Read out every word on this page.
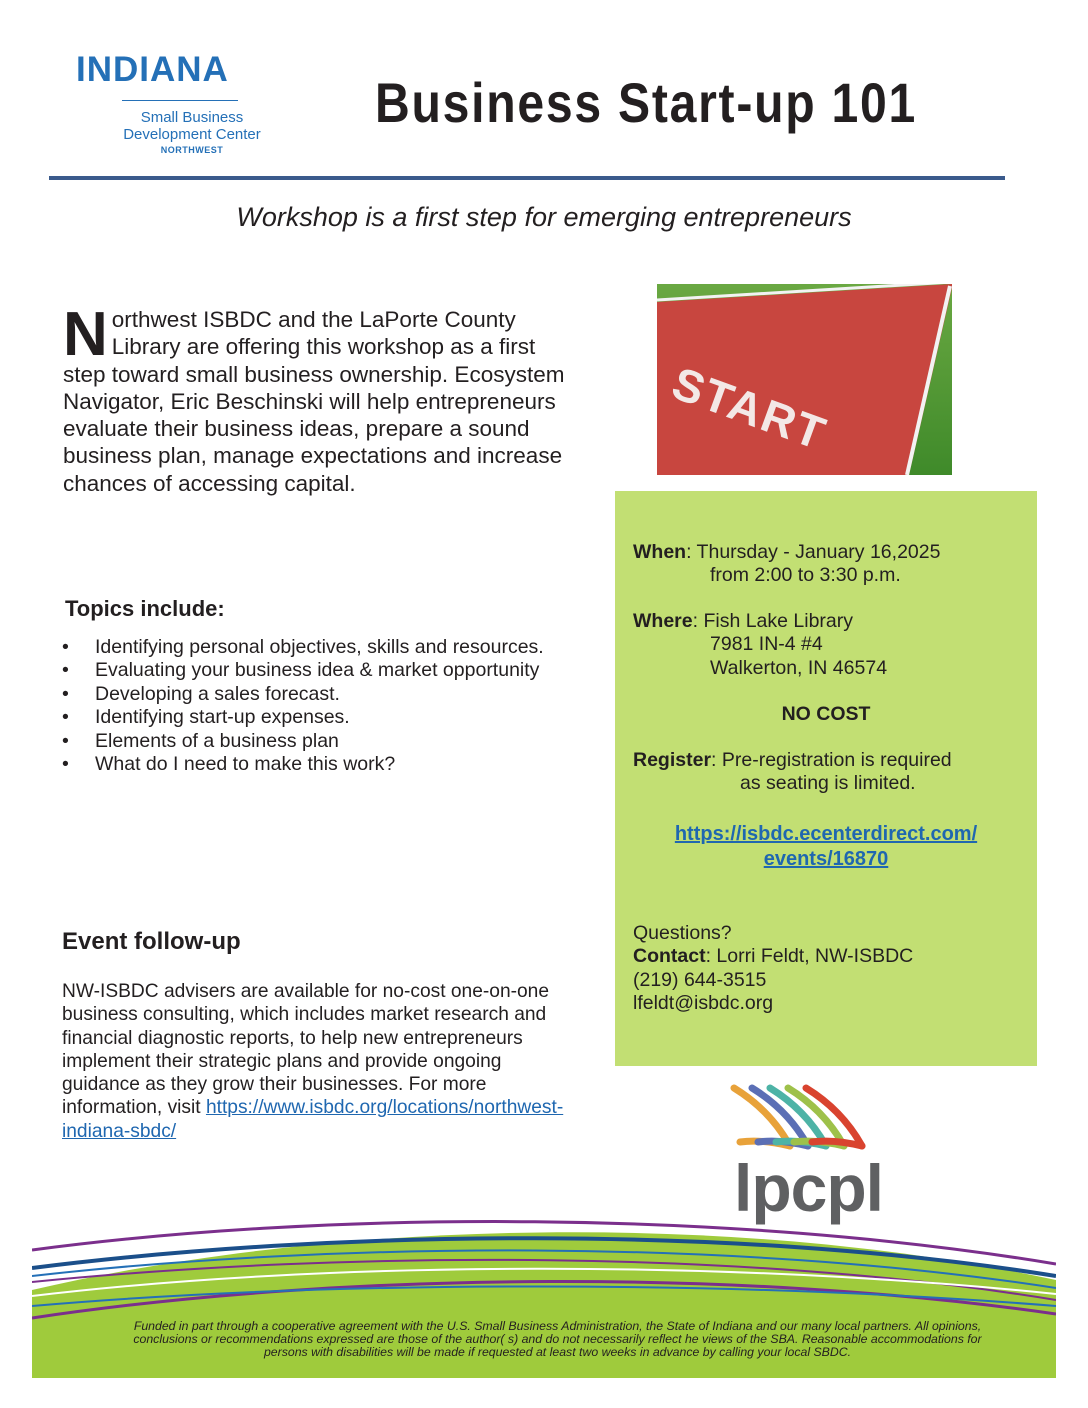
INDIANA
Small Business
Development Center
NORTHWEST
Business Start-up 101
Workshop is a first step for emerging entrepreneurs
N orthwest ISBDC and the LaPorte County Library are offering this workshop as a first step toward small business ownership. Ecosystem Navigator, Eric Beschinski will help entrepreneurs evaluate their business ideas, prepare a sound business plan, manage expectations and increase chances of accessing capital.
Topics include:
• Identifying personal objectives, skills and resources.
• Evaluating your business idea & market opportunity
• Developing a sales forecast.
• Identifying start-up expenses.
• Elements of a business plan
• What do I need to make this work?
Event follow-up
NW-ISBDC advisers are available for no-cost one-on-one business consulting, which includes market research and financial diagnostic reports, to help new entrepreneurs implement their strategic plans and provide ongoing guidance as they grow their businesses. For more information, visit https://www.isbdc.org/locations/northwest-indiana-sbdc/
START
When: Thursday - January 16,2025
from 2:00 to 3:30 p.m.
Where: Fish Lake Library
7981 IN-4 #4
Walkerton, IN 46574
NO COST
Register: Pre-registration is required
as seating is limited.
https://isbdc.ecenterdirect.com/
events/16870
Questions?
Contact: Lorri Feldt, NW-ISBDC
(219) 644-3515
lfeldt@isbdc.org
lpcpl
Funded in part through a cooperative agreement with the U.S. Small Business Administration, the State of Indiana and our many local partners. All opinions, conclusions or recommendations expressed are those of the author( s) and do not necessarily reflect he views of the SBA. Reasonable accommodations for persons with disabilities will be made if requested at least two weeks in advance by calling your local SBDC.
